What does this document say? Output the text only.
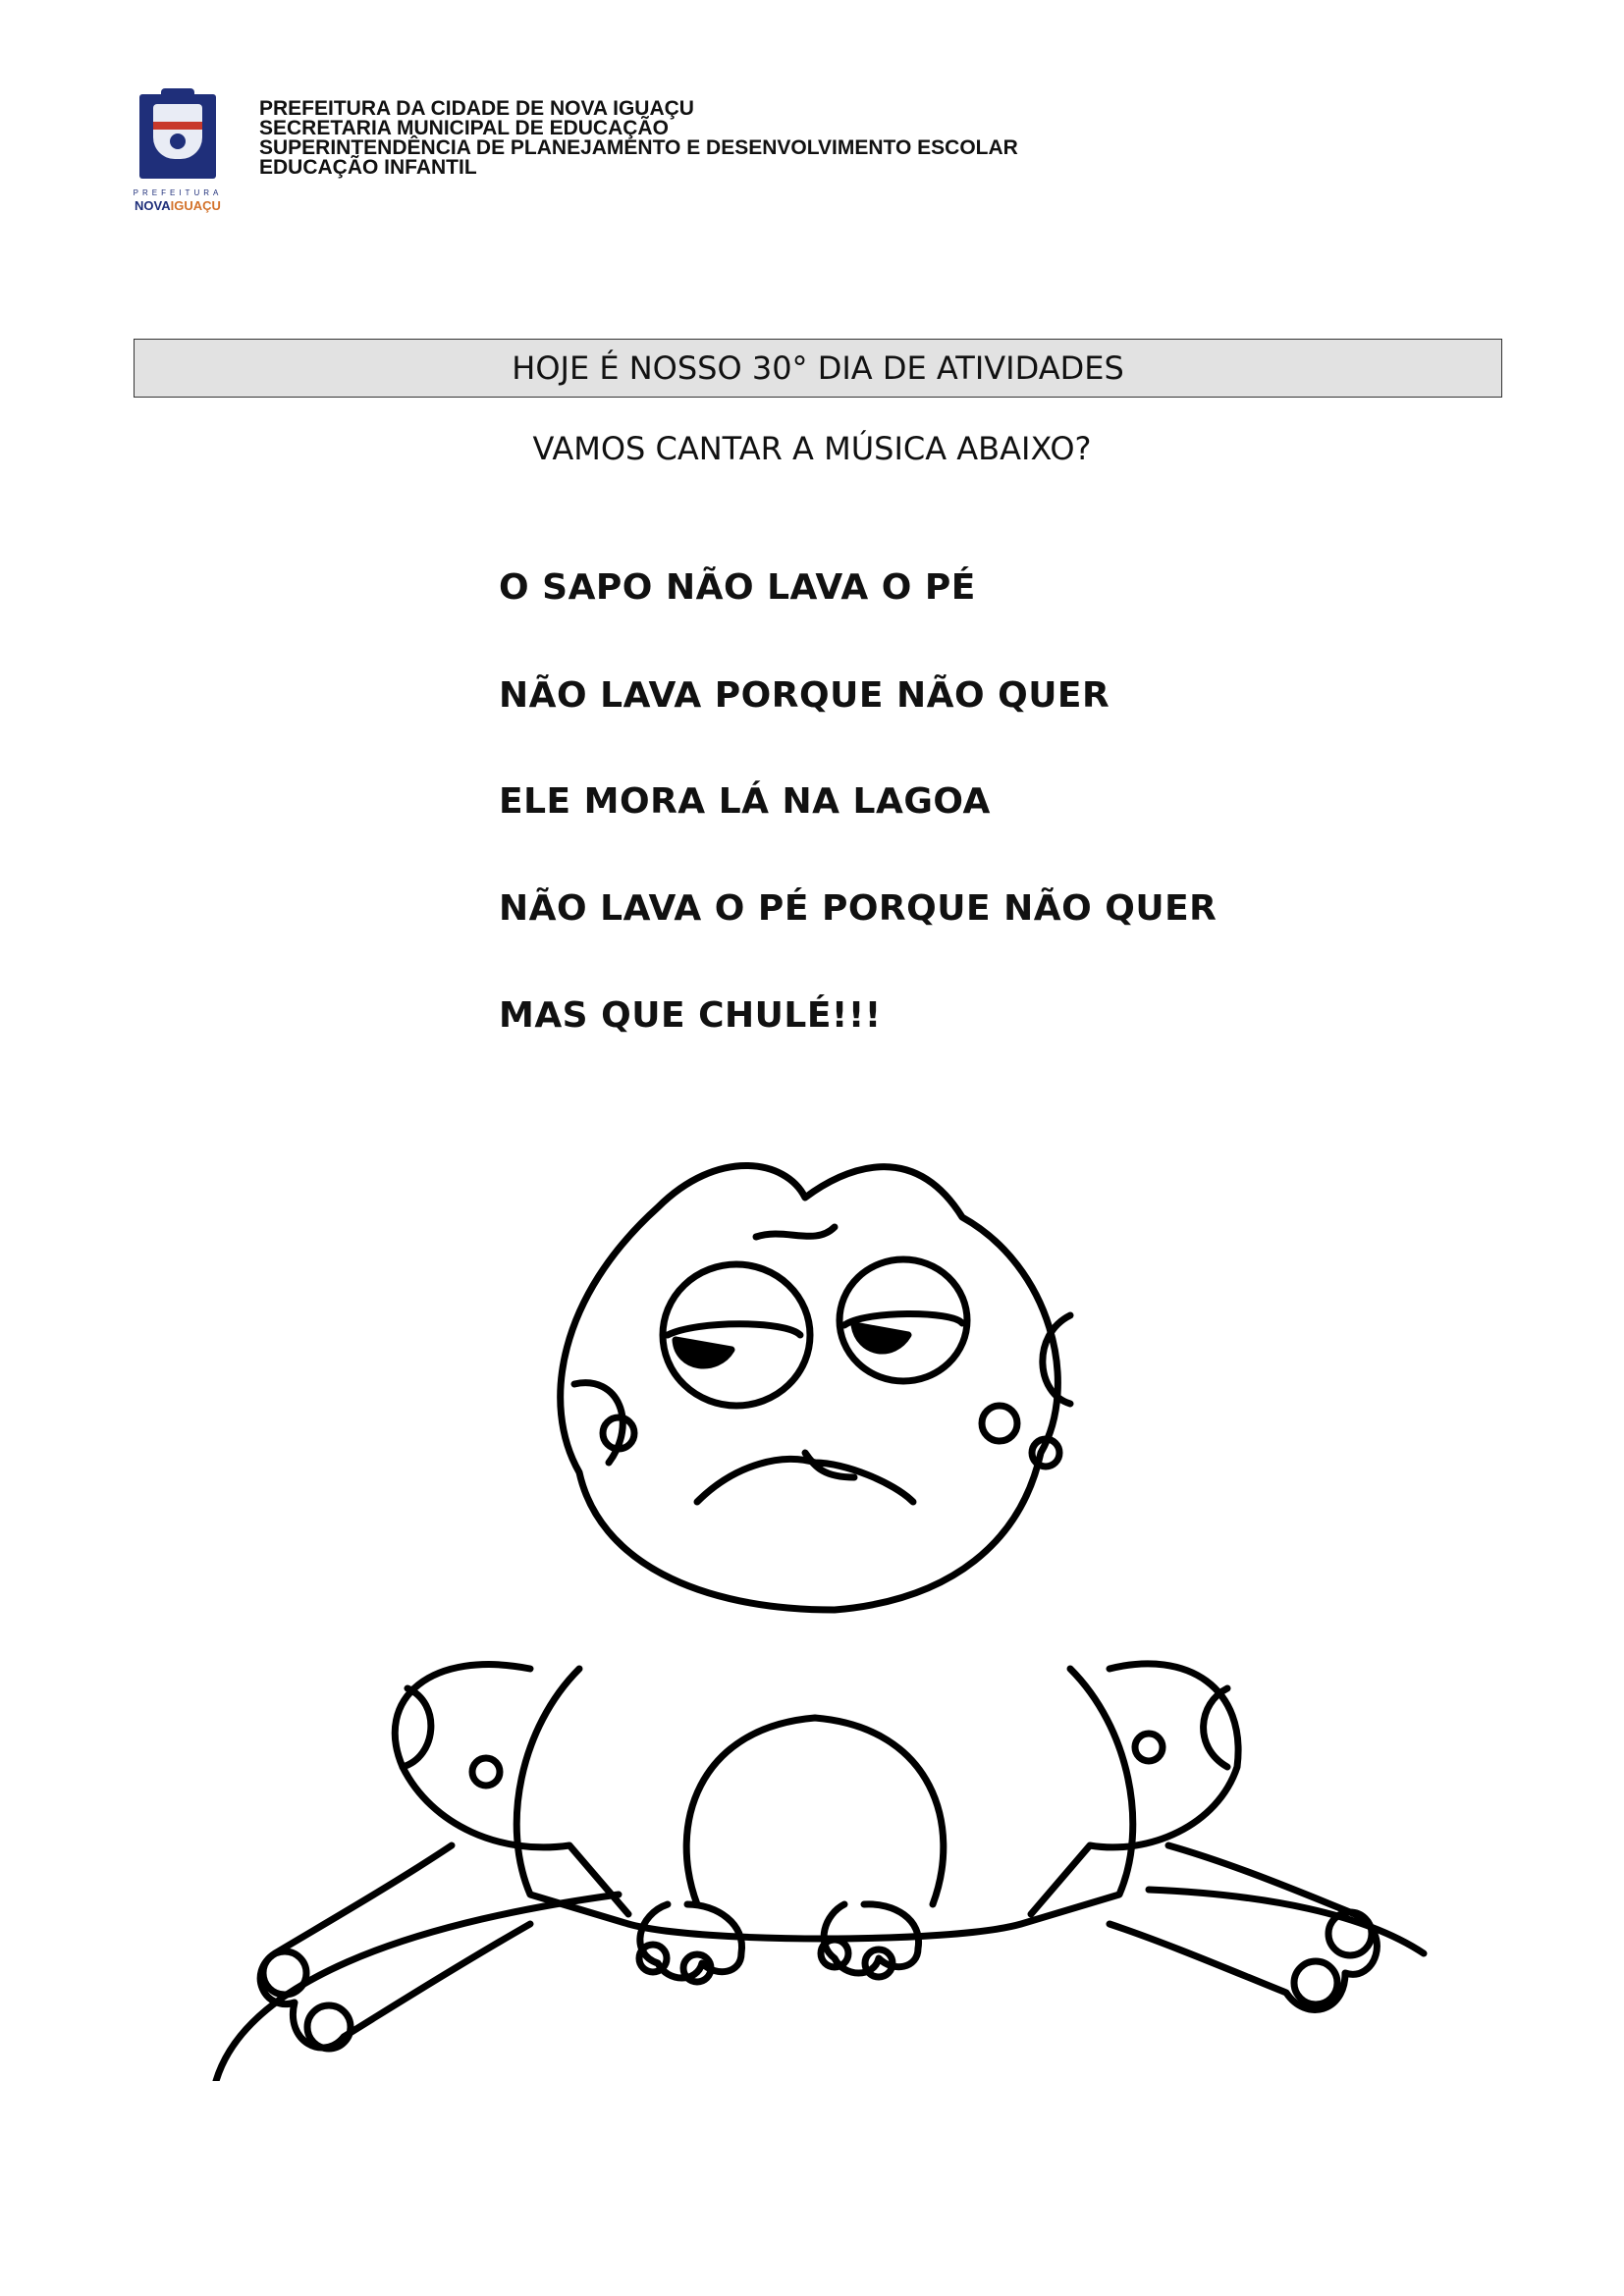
PREFEITURA
NOVAIGUAÇU
PREFEITURA DA CIDADE DE NOVA IGUAÇU
SECRETARIA MUNICIPAL DE EDUCAÇÃO
SUPERINTENDÊNCIA DE PLANEJAMENTO E DESENVOLVIMENTO ESCOLAR
EDUCAÇÃO INFANTIL
HOJE É NOSSO 30° DIA DE ATIVIDADES
VAMOS CANTAR A MÚSICA ABAIXO?
O SAPO NÃO LAVA O PÉ
NÃO LAVA PORQUE NÃO QUER
ELE MORA LÁ NA LAGOA
NÃO LAVA O PÉ PORQUE NÃO QUER
MAS QUE CHULÉ!!!
